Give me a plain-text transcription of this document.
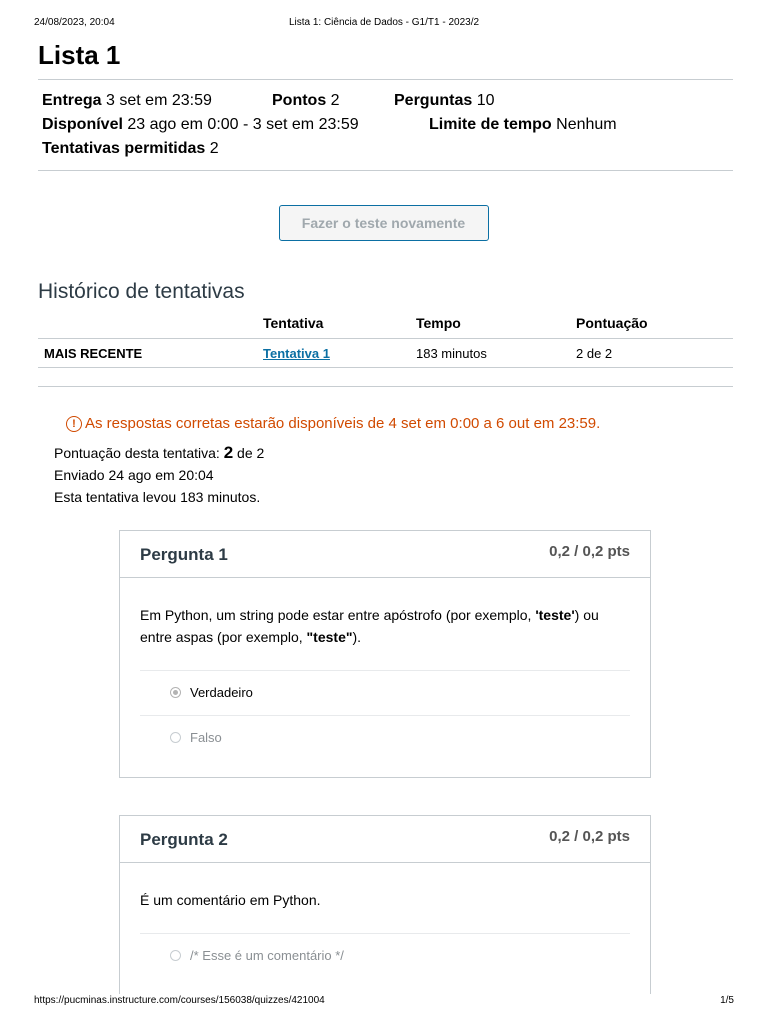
24/08/2023, 20:04	Lista 1: Ciência de Dados - G1/T1 - 2023/2
Lista 1
Entrega 3 set em 23:59	Pontos 2	Perguntas 10
Disponível 23 ago em 0:00 - 3 set em 23:59	Limite de tempo Nenhum
Tentativas permitidas 2
Fazer o teste novamente
Histórico de tentativas
	Tentativa	Tempo	Pontuação
MAIS RECENTE	Tentativa 1	183 minutos	2 de 2
! As respostas corretas estarão disponíveis de 4 set em 0:00 a 6 out em 23:59.
Pontuação desta tentativa: 2 de 2
Enviado 24 ago em 20:04
Esta tentativa levou 183 minutos.
Pergunta 1	0,2 / 0,2 pts

Em Python, um string pode estar entre apóstrofo (por exemplo, 'teste') ou entre aspas (por exemplo, "teste").

Verdadeiro
Falso
Pergunta 2	0,2 / 0,2 pts

É um comentário em Python.

/* Esse é um comentário */
https://pucminas.instructure.com/courses/156038/quizzes/421004	1/5
